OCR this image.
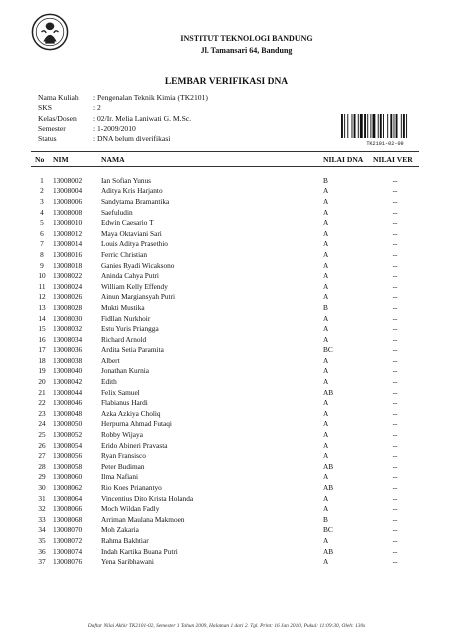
INSTITUT TEKNOLOGI BANDUNG
Jl. Tamansari 64, Bandung
LEMBAR VERIFIKASI DNA
Nama Kuliah : Pengenalan Teknik Kimia (TK2101)
SKS	: 2
Kelas/Dosen : 02/Ir. Melia Laniwati G. M.Sc.
Semester	: 1-2009/2010
Status	: DNA belum diverifikasi
TK2101-02-09
No	NIM	NAMA	NILAI DNA	NILAI VER
1	13008002	Ian Sofian Yunus	B	--
2	13008004	Aditya Kris Harjanto	A	--
3	13008006	Sandytama Bramantika	A	--
4	13008008	Saefuludin	A	--
5	13008010	Edwin Caesario T	A	--
6	13008012	Maya Oktaviani Sari	A	--
7	13008014	Louis Aditya Prasethio	A	--
8	13008016	Ferric Christian	A	--
9	13008018	Ganies Ryadi Wicaksono	A	--
10	13008022	Aninda Cahya Putri	A	--
11	13008024	William Kelly Effendy	A	--
12	13008026	Ainun Margiansyah Putri	A	--
13	13008028	Mukti Mustika	B	--
14	13008030	Fidllan Nurkhoir	A	--
15	13008032	Estu Yuris Priangga	A	--
16	13008034	Richard Arnold	A	--
17	13008036	Ardita Setia Paramita	BC	--
18	13008038	Albert	A	--
19	13008040	Jonathan Kurnia	A	--
20	13008042	Edith	A	--
21	13008044	Felix Samuel	AB	--
22	13008046	Flabianus Hardi	A	--
23	13008048	Azka Azkiya Choliq	A	--
24	13008050	Herpurna Ahmad Futaqi	A	--
25	13008052	Robby Wijaya	A	--
26	13008054	Erido Abineri Pravasta	A	--
27	13008056	Ryan Fransisco	A	--
28	13008058	Peter Budiman	AB	--
29	13008060	Ilma Nafiani	A	--
30	13008062	Rio Koes Prianantyo	AB	--
31	13008064	Vincentius Dito Krista Holanda	A	--
32	13008066	Moch Wildan Fadly	A	--
33	13008068	Arriman Maulana Makmoen	B	--
34	13008070	Moh Zakaria	BC	--
35	13008072	Rahma Bakhtiar	A	--
36	13008074	Indah Kartika Buana Putri	AB	--
37	13008076	Yena Saribhawani	A	--
Daftar Nilai Akhir TK2101-02, Semester 1 Tahun 2009, Halaman 1 dari 2. Tgl. Print: 16 Jan 2010, Pukul: 11:09:30, Oleh: 130s
